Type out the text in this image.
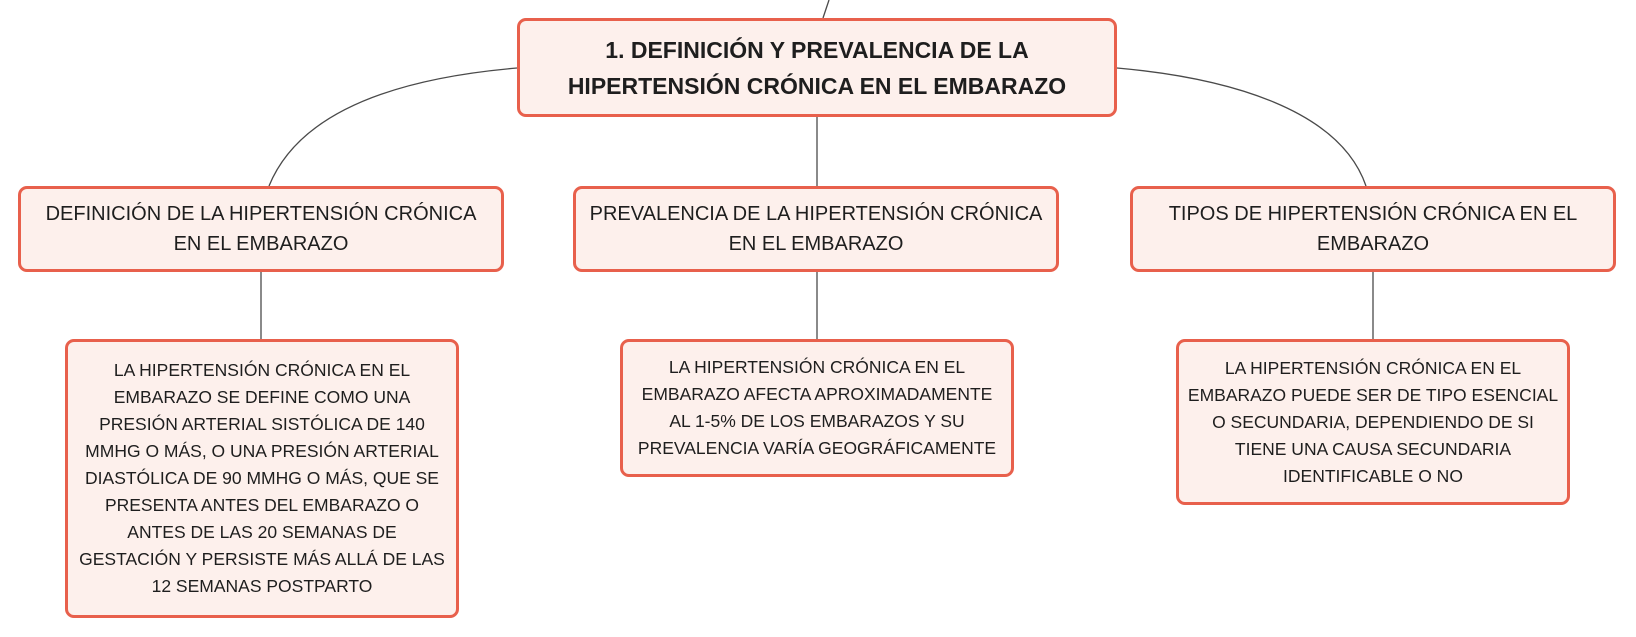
1. DEFINICIÓN Y PREVALENCIA DE LA
HIPERTENSIÓN CRÓNICA EN EL EMBARAZO
DEFINICIÓN DE LA HIPERTENSIÓN CRÓNICA EN EL EMBARAZO
PREVALENCIA DE LA HIPERTENSIÓN CRÓNICA EN EL EMBARAZO
TIPOS DE HIPERTENSIÓN CRÓNICA EN EL EMBARAZO
LA HIPERTENSIÓN CRÓNICA EN EL EMBARAZO SE DEFINE COMO UNA PRESIÓN ARTERIAL SISTÓLICA DE 140 MMHG O MÁS, O UNA PRESIÓN ARTERIAL DIASTÓLICA DE 90 MMHG O MÁS, QUE SE PRESENTA ANTES DEL EMBARAZO O ANTES DE LAS 20 SEMANAS DE GESTACIÓN Y PERSISTE MÁS ALLÁ DE LAS 12 SEMANAS POSTPARTO
LA HIPERTENSIÓN CRÓNICA EN EL EMBARAZO AFECTA APROXIMADAMENTE AL 1-5% DE LOS EMBARAZOS Y SU PREVALENCIA VARÍA GEOGRÁFICAMENTE
LA HIPERTENSIÓN CRÓNICA EN EL EMBARAZO PUEDE SER DE TIPO ESENCIAL O SECUNDARIA, DEPENDIENDO DE SI TIENE UNA CAUSA SECUNDARIA IDENTIFICABLE O NO
